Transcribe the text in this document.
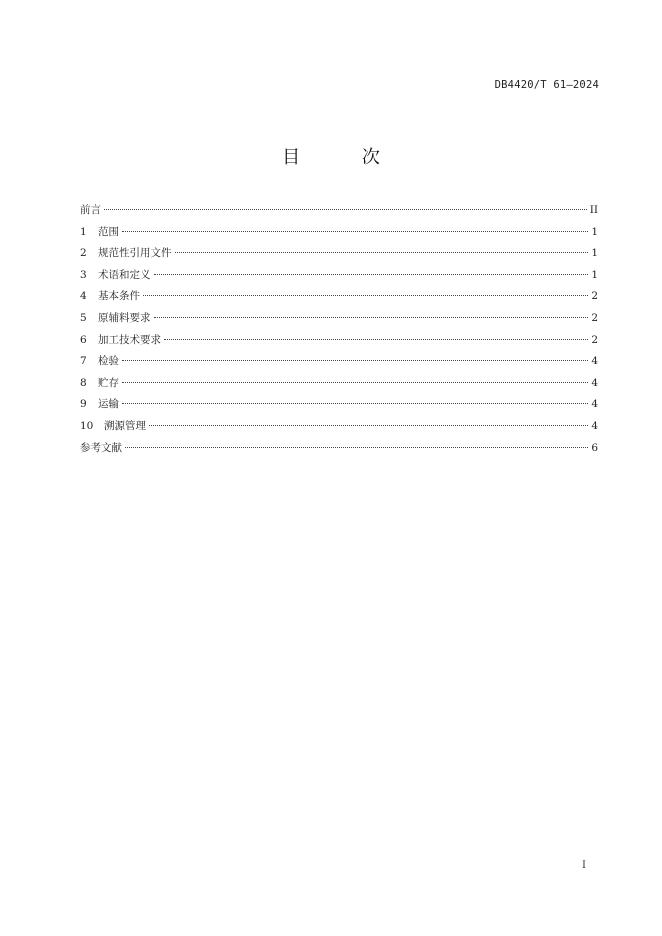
DB4420/T 61—2024
目 次
前言	II
1	范围	1
2	规范性引用文件	1
3	术语和定义	1
4	基本条件	2
5	原辅料要求	2
6	加工技术要求	2
7	检验	4
8	贮存	4
9	运输	4
10	溯源管理	4
参考文献	6
I
